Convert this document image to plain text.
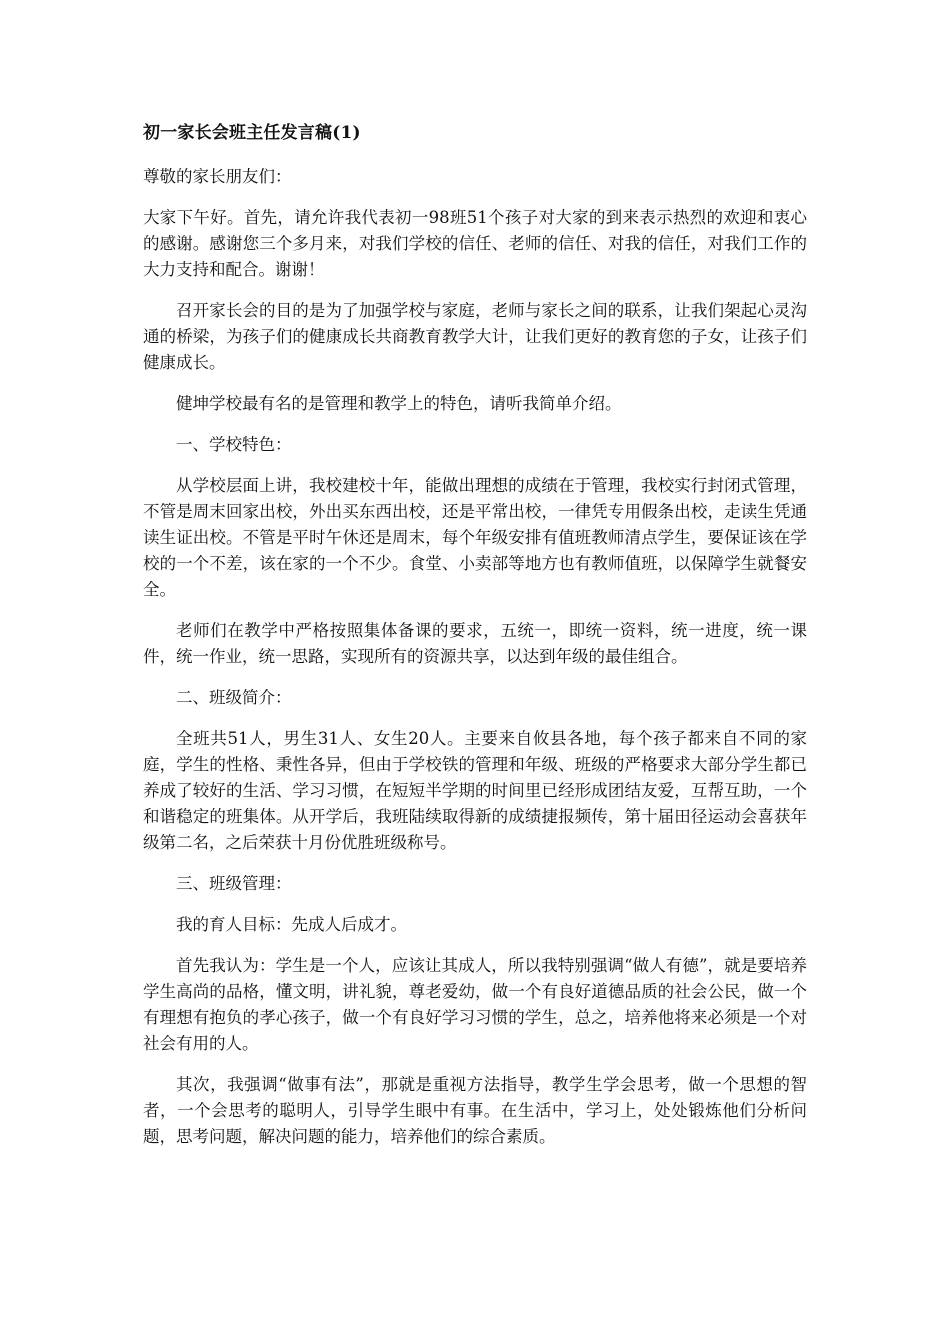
初一家长会班主任发言稿(1)
尊敬的家长朋友们：
大家下午好。首先，请允许我代表初一98班51个孩子对大家的到来表示热烈的欢迎和衷心的感谢。感谢您三个多月来，对我们学校的信任、老师的信任、对我的信任，对我们工作的大力支持和配合。谢谢！
召开家长会的目的是为了加强学校与家庭，老师与家长之间的联系，让我们架起心灵沟通的桥梁，为孩子们的健康成长共商教育教学大计，让我们更好的教育您的子女，让孩子们健康成长。
健坤学校最有名的是管理和教学上的特色，请听我简单介绍。
一、学校特色：
从学校层面上讲，我校建校十年，能做出理想的成绩在于管理，我校实行封闭式管理，不管是周末回家出校，外出买东西出校，还是平常出校，一律凭专用假条出校，走读生凭通读生证出校。不管是平时午休还是周末，每个年级安排有值班教师清点学生，要保证该在学校的一个不差，该在家的一个不少。食堂、小卖部等地方也有教师值班，以保障学生就餐安全。
老师们在教学中严格按照集体备课的要求，五统一，即统一资料，统一进度，统一课件，统一作业，统一思路，实现所有的资源共享，以达到年级的最佳组合。
二、班级简介：
全班共51人，男生31人、女生20人。主要来自攸县各地，每个孩子都来自不同的家庭，学生的性格、秉性各异，但由于学校铁的管理和年级、班级的严格要求大部分学生都已养成了较好的生活、学习习惯，在短短半学期的时间里已经形成团结友爱，互帮互助，一个和谐稳定的班集体。从开学后，我班陆续取得新的成绩捷报频传，第十届田径运动会喜获年级第二名，之后荣获十月份优胜班级称号。
三、班级管理：
我的育人目标：先成人后成才。
首先我认为：学生是一个人，应该让其成人，所以我特别强调“做人有德”，就是要培养学生高尚的品格，懂文明，讲礼貌，尊老爱幼，做一个有良好道德品质的社会公民，做一个有理想有抱负的孝心孩子，做一个有良好学习习惯的学生，总之，培养他将来必须是一个对社会有用的人。
其次，我强调“做事有法”，那就是重视方法指导，教学生学会思考，做一个思想的智者，一个会思考的聪明人，引导学生眼中有事。在生活中，学习上，处处锻炼他们分析问题，思考问题，解决问题的能力，培养他们的综合素质。
